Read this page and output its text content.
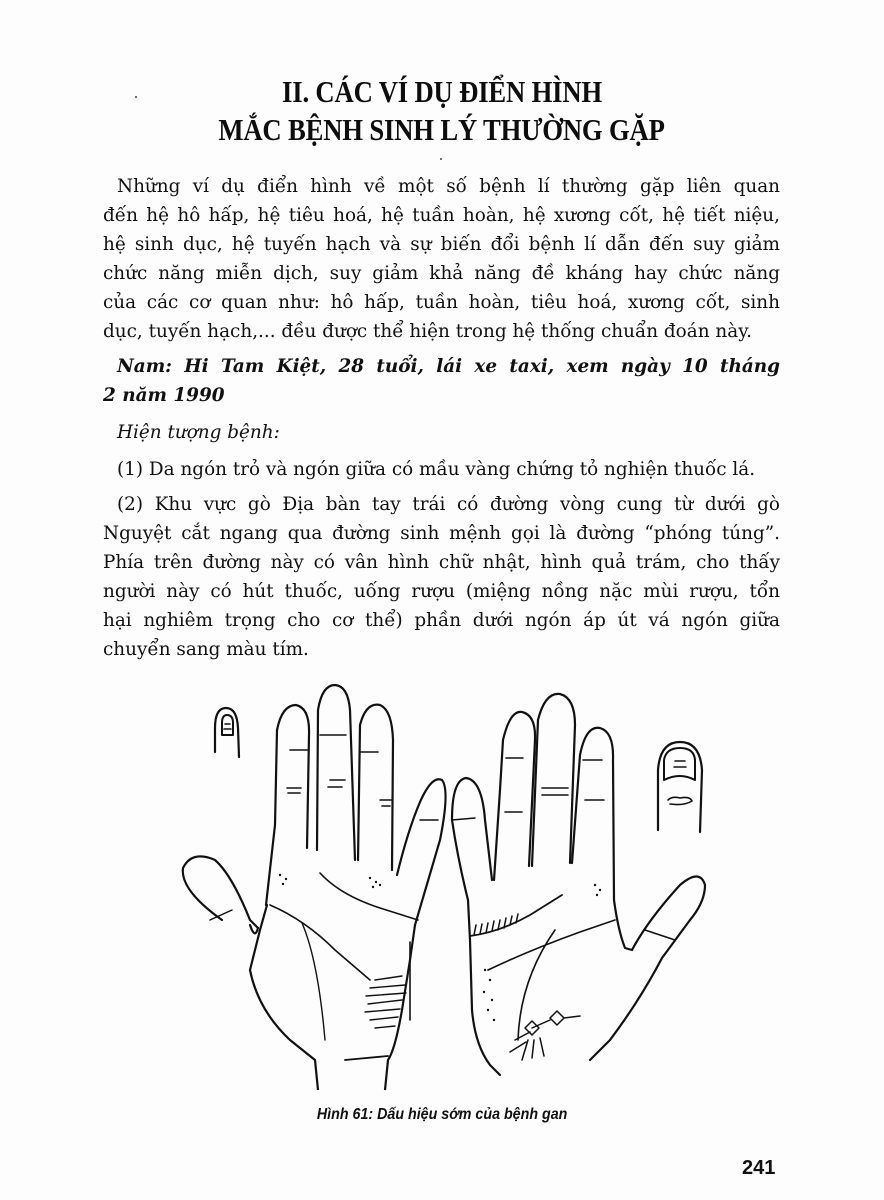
II. CÁC VÍ DỤ ĐIỂN HÌNH
MẮC BỆNH SINH LÝ THƯỜNG GẶP
Những ví dụ điển hình về một số bệnh lí thường gặp liên quan
đến hệ hô hấp, hệ tiêu hoá, hệ tuần hoàn, hệ xương cốt, hệ tiết niệu,
hệ sinh dục, hệ tuyến hạch và sự biến đổi bệnh lí dẫn đến suy giảm
chức năng miễn dịch, suy giảm khả năng đề kháng hay chức năng
của các cơ quan như: hô hấp, tuần hoàn, tiêu hoá, xương cốt, sinh
dục, tuyến hạch,... đều được thể hiện trong hệ thống chuẩn đoán này.
Nam: Hi Tam Kiệt, 28 tuổi, lái xe taxi, xem ngày 10 tháng
2 năm 1990
Hiện tượng bệnh:
(1) Da ngón trỏ và ngón giữa có mầu vàng chứng tỏ nghiện thuốc lá.
(2) Khu vực gò Địa bàn tay trái có đường vòng cung từ dưới gò
Nguyệt cắt ngang qua đường sinh mệnh gọi là đường “phóng túng”.
Phía trên đường này có vân hình chữ nhật, hình quả trám, cho thấy
người này có hút thuốc, uống rượu (miệng nồng nặc mùi rượu, tổn
hại nghiêm trọng cho cơ thể) phần dưới ngón áp út vá ngón giữa
chuyển sang màu tím.
Hình 61: Dấu hiệu sớm của bệnh gan
241
